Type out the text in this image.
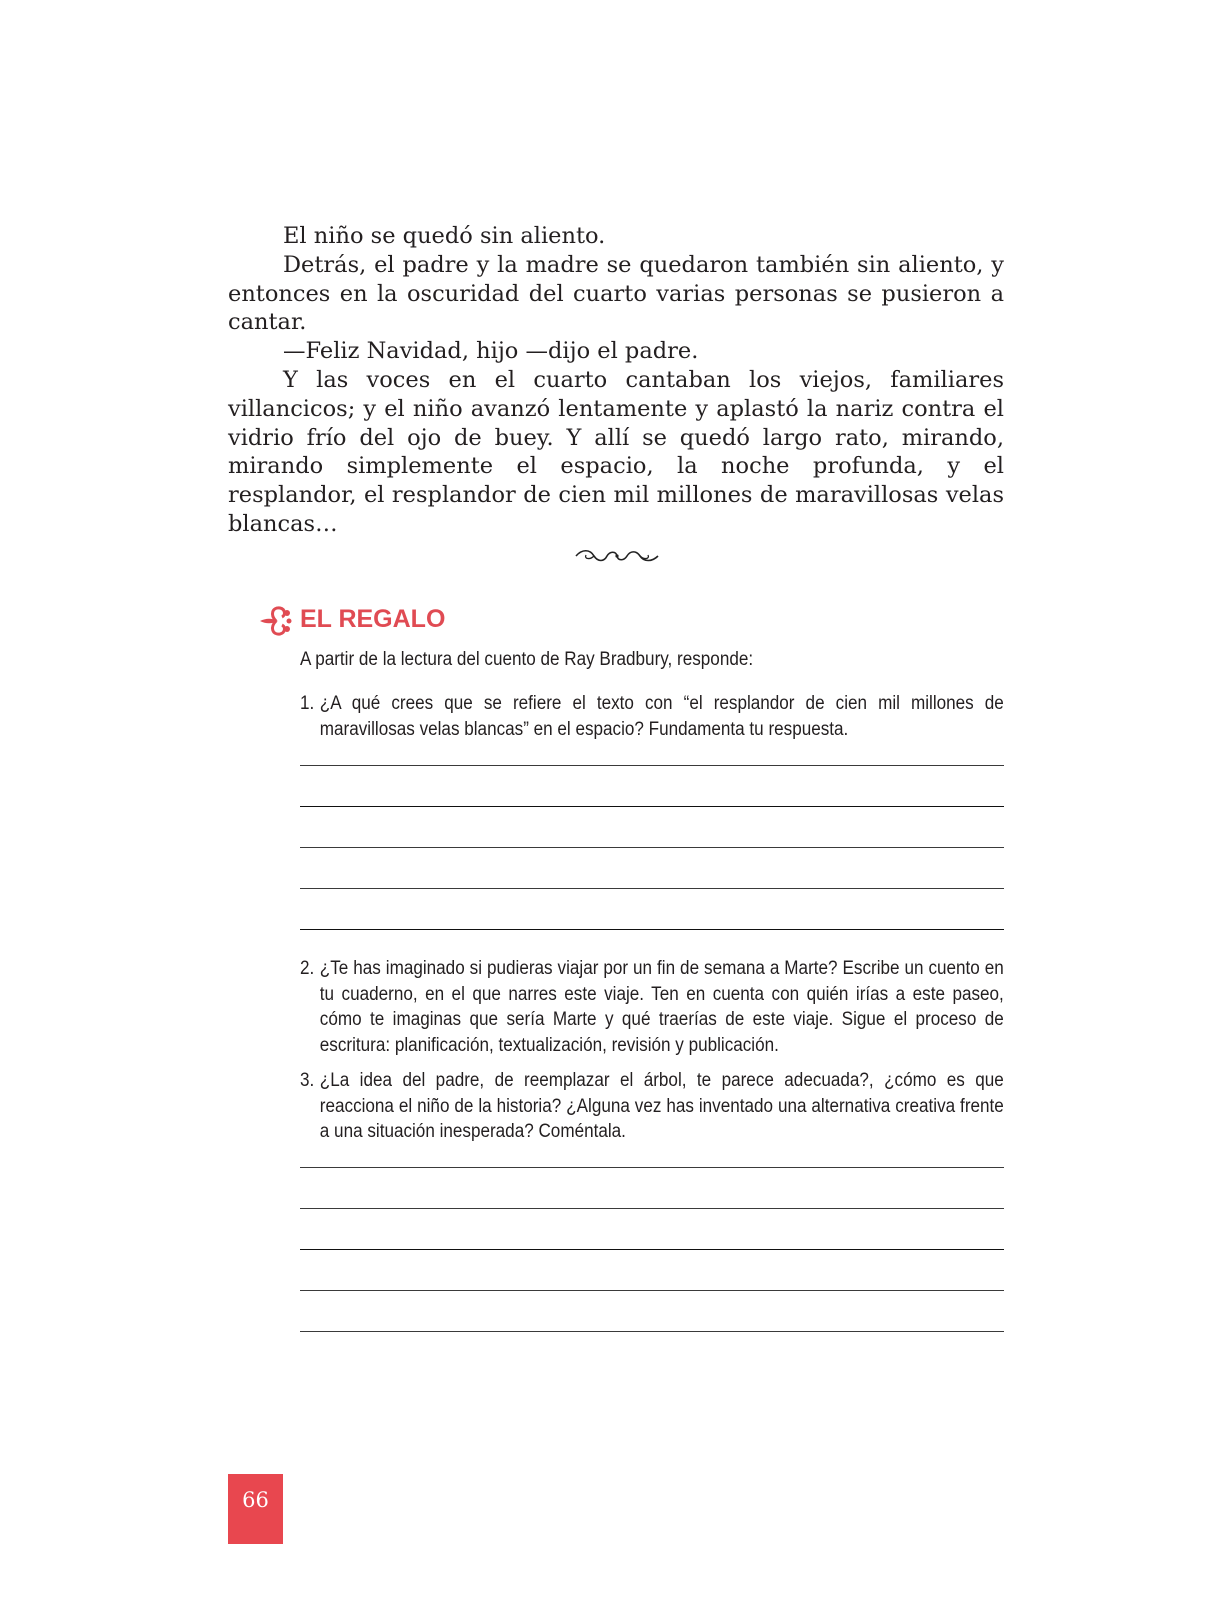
El niño se quedó sin aliento.

Detrás, el padre y la madre se quedaron también sin aliento, y entonces en la oscuridad del cuarto varias personas se pusieron a cantar.

—Feliz Navidad, hijo —dijo el padre.

Y las voces en el cuarto cantaban los viejos, familiares villancicos; y el niño avanzó lentamente y aplastó la nariz contra el vidrio frío del ojo de buey. Y allí se quedó largo rato, mirando, mirando simplemente el espacio, la noche profunda, y el resplandor, el resplandor de cien mil millones de maravillosas velas blancas…

EL REGALO
A partir de la lectura del cuento de Ray Bradbury, responde:
1. ¿A qué crees que se refiere el texto con “el resplandor de cien mil millones de maravillosas velas blancas” en el espacio? Fundamenta tu respuesta.
2. ¿Te has imaginado si pudieras viajar por un fin de semana a Marte? Escribe un cuento en tu cuaderno, en el que narres este viaje. Ten en cuenta con quién irías a este paseo, cómo te imaginas que sería Marte y qué traerías de este viaje. Sigue el proceso de escritura: planificación, textualización, revisión y publicación.
3. ¿La idea del padre, de reemplazar el árbol, te parece adecuada?, ¿cómo es que reacciona el niño de la historia? ¿Alguna vez has inventado una alternativa creativa frente a una situación inesperada? Coméntala.
66
